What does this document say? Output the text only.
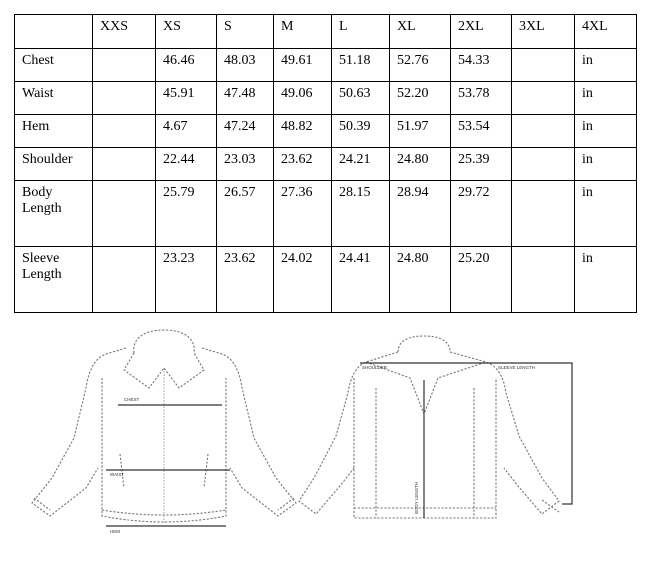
	XXS	XS	S	M	L	XL	2XL	3XL	4XL
Chest		46.46	48.03	49.61	51.18	52.76	54.33		in
Waist		45.91	47.48	49.06	50.63	52.20	53.78		in
Hem		4.67	47.24	48.82	50.39	51.97	53.54		in
Shoulder		22.44	23.03	23.62	24.21	24.80	25.39		in
Body Length		25.79	26.57	27.36	28.15	28.94	29.72		in
Sleeve Length		23.23	23.62	24.02	24.41	24.80	25.20		in
CHEST
WAIST
HEM
SHOULDER	SLEEVE LENGTH
BODY LENGTH
